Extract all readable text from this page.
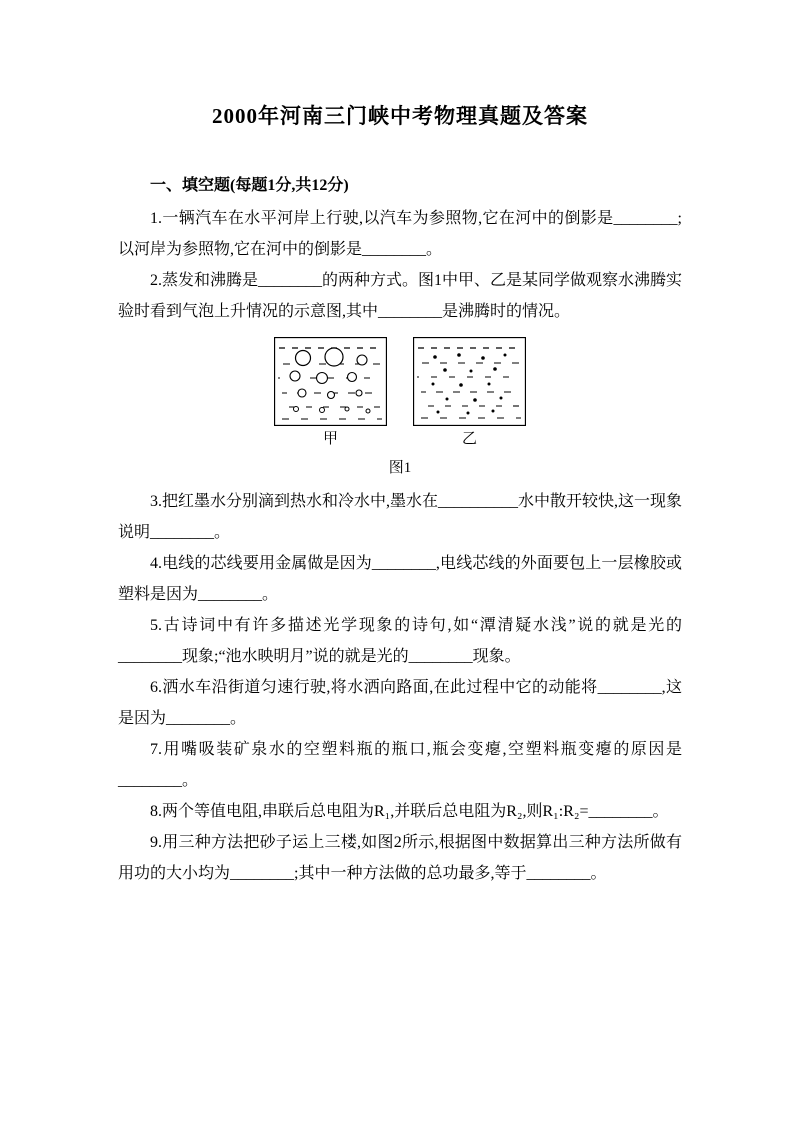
2000年河南三门峡中考物理真题及答案

一、填空题(每题1分,共12分)

1.一辆汽车在水平河岸上行驶,以汽车为参照物,它在河中的倒影是________;以河岸为参照物,它在河中的倒影是________。

2.蒸发和沸腾是________的两种方式。图1中甲、乙是某同学做观察水沸腾实验时看到气泡上升情况的示意图,其中________是沸腾时的情况。

甲	乙
图1

3.把红墨水分别滴到热水和冷水中,墨水在__________水中散开较快,这一现象说明________。

4.电线的芯线要用金属做是因为________,电线芯线的外面要包上一层橡胶或塑料是因为________。

5.古诗词中有许多描述光学现象的诗句,如“潭清疑水浅”说的就是光的________现象;“池水映明月”说的就是光的________现象。

6.洒水车沿街道匀速行驶,将水洒向路面,在此过程中它的动能将________,这是因为________。

7.用嘴吸装矿泉水的空塑料瓶的瓶口,瓶会变瘪,空塑料瓶变瘪的原因是________。

8.两个等值电阻,串联后总电阻为R₁,并联后总电阻为R₂,则R₁:R₂=________。

9.用三种方法把砂子运上三楼,如图2所示,根据图中数据算出三种方法所做有用功的大小均为________;其中一种方法做的总功最多,等于________。
